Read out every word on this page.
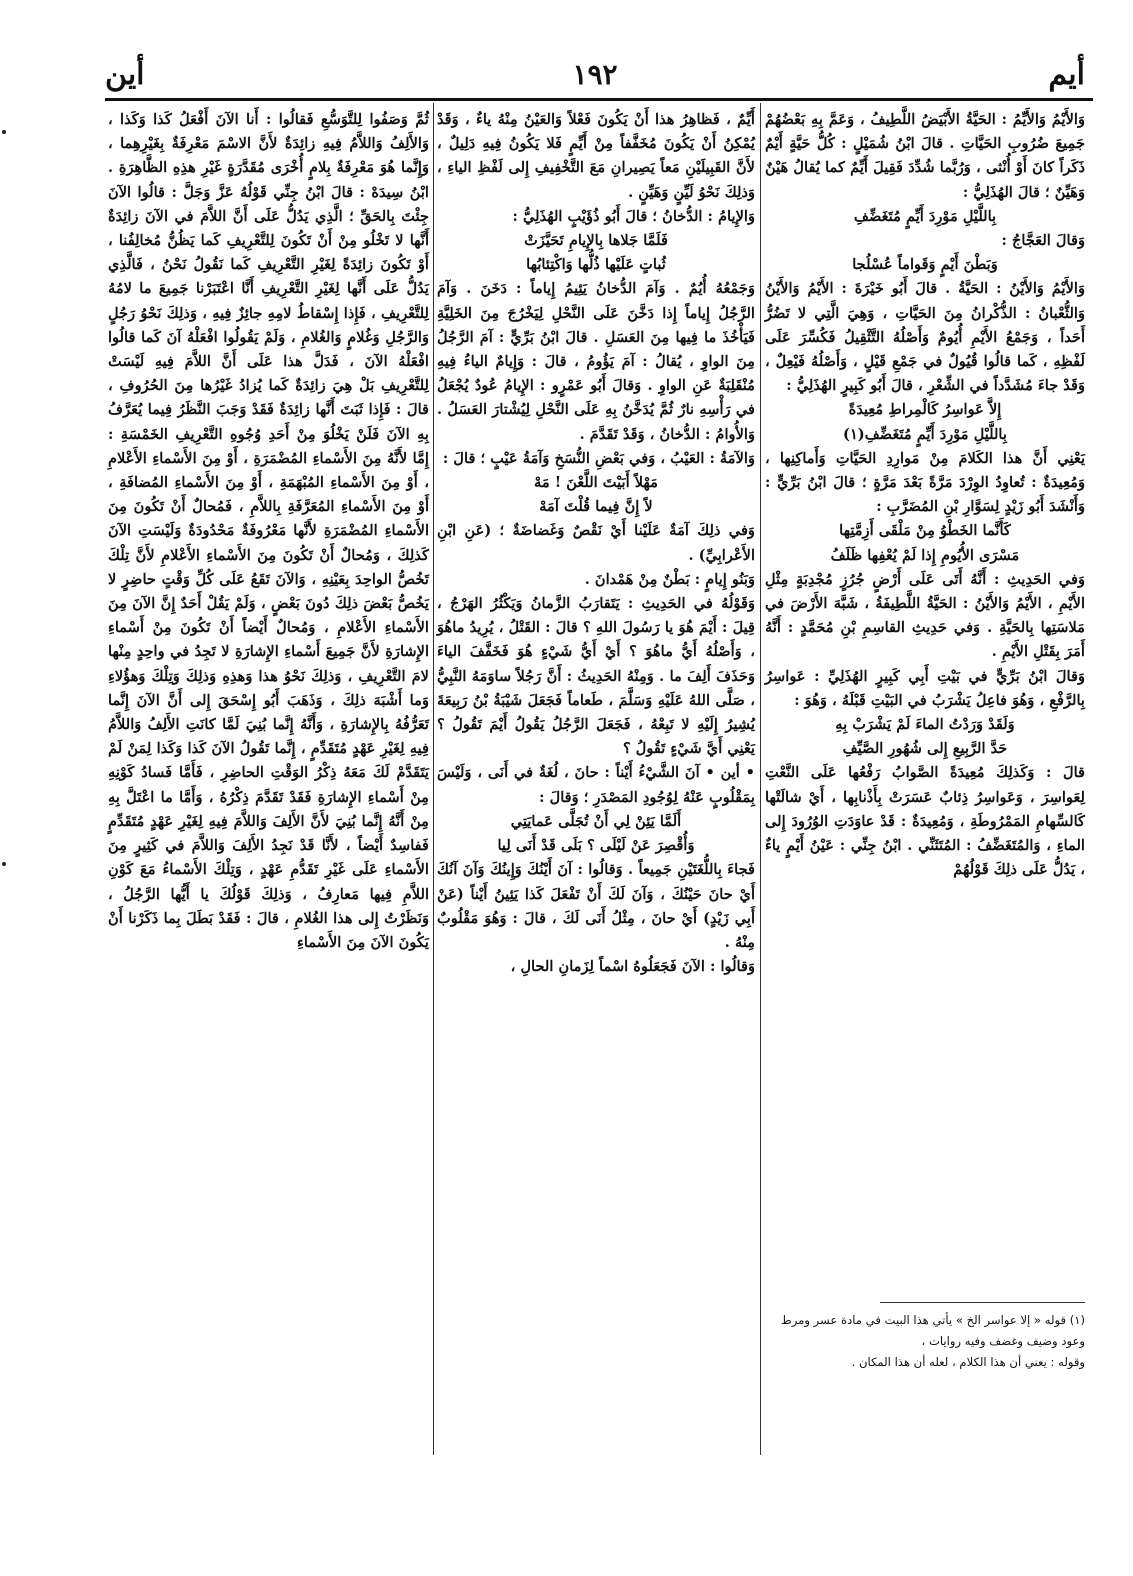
أيم
١٩٢
أين

وَالأَيْمُ وَالأَيِّمُ : الحَيَّةُ الأَبْيَضُ اللَّطِيفُ ، وَعَمَّ بِهِ بَعْضُهُمْ جَمِيعَ ضُرُوبِ الحَيَّاتِ . قالَ ابْنُ شُمَيْلٍ : كُلُّ حَيَّةٍ أَيْمٌ ذَكَراً كانَ أَوْ أُنْثى ، وَرُبَّما شُدِّدَ فَقِيلَ أَيِّمٌ كما يُقالُ هَيْنٌ وَهَيِّنٌ ؛ قالَ الهُذَلِيُّ :

بِاللَّيْلِ مَوْرِدَ أَيِّمٍ مُتَغَضِّفِ

وَقالَ العَجَّاجُ :

وَبَطْنَ أَيْمٍ وَقَواماً عُسْلُجا

وَالأَيْمُ وَالأَيْنُ : الحَيَّةُ . قالَ أَبُو خَيْرَةَ : الأَيْمُ وَالأَيْنُ وَالثُّعْبانُ : الذُّكْرانُ مِنَ الحَيَّاتِ ، وَهِيَ الَّتِي لا تَضُرُّ أَحَداً ، وَجَمْعُ الأَيْمِ أُيُومٌ وَأَصْلُهُ التَّثْقِيلُ فَكُسِّرَ عَلَى لَفْظِهِ ، كَما قالُوا قُيُولٌ في جَمْعِ قَيْلٍ ، وَأَصْلُهُ فَيْعِلٌ ، وَقَدْ جاءَ مُشَدَّداً في الشِّعْرِ ، قالَ أَبُو كَبِيرٍ الهُذَلِيُّ :

إِلاَّ عَواسِرُ كَالْمِراطِ مُعِيدَةً

بِاللَّيْلِ مَوْرِدَ أَيِّمٍ مُتَغَضِّفِ(١)

يَعْنِي أَنَّ هذا الكَلامَ مِنْ مَوارِدِ الحَيَّاتِ وَأَماكِنِها ، وَمُعِيدَةٌ : تُعاوِدُ الوِرْدَ مَرَّةً بَعْدَ مَرَّةٍ ؛ قالَ ابْنُ بَرِّيٍّ : وَأَنْشَدَ أَبُو زَيْدٍ لِسَوَّارِ بْنِ المُضَرَّبِ :

كَأَنَّما الخَطْوُ مِنْ مَلْقَى أَزِمَّتِها

مَسْرَى الأُيُومِ إِذا لَمْ يُعْفِها ظَلَفُ

وَفي الحَدِيثِ : أَنَّهُ أَتَى عَلَى أَرْضٍ جُرُزٍ مُجْدِبَةٍ مِثْلِ الأَيْمِ ، الأَيْمُ وَالأَيْنُ : الحَيَّةُ اللَّطِيفَةُ ، شَبَّهَ الأَرْضَ في مَلاسَتِها بِالحَيَّةِ . وَفي حَدِيثِ القاسِمِ بْنِ مُحَمَّدٍ : أَنَّهُ أَمَرَ بِقَتْلِ الأَيْمِ .

وَقالَ ابْنُ بَرِّيٍّ في بَيْتِ أَبِي كَبِيرٍ الهُذَلِيِّ : عَواسِرُ بِالرَّفْعِ ، وَهُوَ فاعِلُ يَشْرَبُ في البَيْتِ قَبْلَهُ ، وَهُوَ :

وَلَقَدْ وَرَدْتُ الماءَ لَمْ يَشْرَبْ بِهِ

حَدَّ الرَّبِيعِ إِلى شُهُورِ الصَّيِّفِ

قالَ : وَكَذلِكَ مُعِيدَةً الصَّوابُ رَفْعُها عَلَى النَّعْتِ لِعَواسِرَ ، وَعَواسِرُ ذِئابٌ عَسَرَتْ بِأَذْنابِها ، أَيْ شالَتْها كَالسِّهامِ المَمْرُوطَةِ ، وَمُعِيدَةٌ : قَدْ عاوَدَتِ الوُرُودَ إِلى الماءِ ، وَالمُتَغَضِّفُ : المُتَثَنِّي . ابْنُ جِنِّي : عَيْنُ أَيْمٍ ياءٌ ، يَدُلُّ عَلَى ذلِكَ قَوْلُهُمْ

أَيِّمٌ ، فَظاهِرُ هذا أَنْ يَكُونَ فَعْلاً وَالعَيْنُ مِنْهُ ياءٌ ، وَقَدْ يُمْكِنُ أَنْ يَكُونَ مُخَفَّفاً مِنْ أَيِّمٍ فَلا يَكُونُ فِيهِ دَلِيلٌ ، لأَنَّ القَبِيلَيْنِ مَعاً يَصِيرانِ مَعَ التَّخْفِيفِ إِلى لَفْظِ الياءِ ، وَذلِكَ نَحْوُ لَيِّنٍ وَهَيِّنٍ .

وَالإِيامُ : الدُّخانُ ؛ قالَ أَبُو ذُؤَيْبٍ الهُذَلِيُّ :

فَلَمَّا جَلاها بِالإِيامِ تَحَيَّزَتْ

ثُباتٍ عَلَيْها ذُلُّها وَاكْتِئابُها

وَجَمْعُهُ أُيُمٌ . وَآمَ الدُّخانُ يَئِيمُ إِياماً : دَخَنَ . وَآمَ الرَّجُلُ إِياماً إِذا دَخَّنَ عَلَى النَّحْلِ لِيَخْرُجَ مِنَ الخَلِيَّةِ فَيَأْخُذَ ما فِيها مِنَ العَسَلِ . قالَ ابْنُ بَرِّيٍّ : آمَ الرَّجُلُ مِنَ الواوِ ، يُقالُ : آمَ يَؤُومُ ، قالَ : وَإِيامٌ الياءُ فِيهِ مُنْقَلِبَةٌ عَنِ الواوِ . وَقالَ أَبُو عَمْرٍو : الإِيامُ عُودٌ يُجْعَلُ في رَأْسِهِ نارٌ ثُمَّ يُدَخَّنُ بِهِ عَلَى النَّحْلِ لِيُشْتارَ العَسَلُ . وَالأُوامُ : الدُّخانُ ، وَقَدْ تَقَدَّمَ .

وَالآمَةُ : العَيْبُ ، وَفي بَعْضِ النُّسَخِ وَآمَةُ عَيْبٍ ؛ قالَ :

مَهْلاً أَبَيْتَ اللَّعْنَ ! مَهْ

لاً إِنَّ فِيما قُلْتَ آمَهْ

وَفي ذلِكَ آمَةٌ عَلَيْنا أَيْ نَقْصٌ وَغَضاضَةٌ ؛ (عَنِ ابْنِ الأَعْرابِيِّ) .

وَبَنُو إِيامٍ : بَطْنٌ مِنْ هَمْدانَ .

وَقَوْلُهُ في الحَدِيثِ : يَتَقارَبُ الزَّمانُ وَيَكْثُرُ الهَرْجُ ، قِيلَ : أَيْمَ هُوَ يا رَسُولَ اللهِ ؟ قالَ : القَتْلُ ، يُرِيدُ ماهُوَ ، وَأَصْلُهُ أَيُّ ماهُوَ ؟ أَيْ أَيُّ شَيْءٍ هُوَ فَخَفَّفَ الياءَ وَحَذَفَ أَلِفَ ما . وَمِنْهُ الحَدِيثُ : أَنَّ رَجُلاً ساوَمَهُ النَّبِيُّ ، صَلَّى اللهُ عَلَيْهِ وَسَلَّمَ ، طَعاماً فَجَعَلَ شَيْبَةُ بْنُ رَبِيعَةَ يُشِيرُ إِلَيْهِ لا تَبِعْهُ ، فَجَعَلَ الرَّجُلُ يَقُولُ أَيْمَ تَقُولُ ؟ يَعْنِي أَيَّ شَيْءٍ تَقُولُ ؟

• أين • آنَ الشَّيْءُ أَيْناً : حانَ ، لُغَةٌ في أَنَى ، وَلَيْسَ بِمَقْلُوبٍ عَنْهُ لِوُجُودِ المَصْدَرِ ؛ وَقالَ :

أَلَمَّا يَئِنْ لِي أَنْ تُجَلَّى عَمايَتِي

وَأُقْصِرَ عَنْ لَيْلَى ؟ بَلَى قَدْ أَنَى لِيا

فَجاءَ بِاللُّغَتَيْنِ جَمِيعاً . وَقالُوا : آنَ أَيْنُكَ وَإِينُكَ وَآنَ آنُكَ أَيْ حانَ حَيْنُكَ ، وَآنَ لَكَ أَنْ تَفْعَلَ كَذا يَئِينُ أَيْناً (عَنْ أَبِي زَيْدٍ) أَيْ حانَ ، مِثْلُ أَنَى لَكَ ، قالَ : وَهُوَ مَقْلُوبٌ مِنْهُ .

وَقالُوا : الآنَ فَجَعَلُوهُ اسْماً لِزَمانِ الحالِ ،

ثُمَّ وَصَفُوا لِلتَّوَسُّعِ فَقالُوا : أَنا الآنَ أَفْعَلُ كَذا وَكَذا ، وَالأَلِفُ وَاللاَّمُ فِيهِ زائِدَةٌ لأَنَّ الاسْمَ مَعْرِفَةٌ بِغَيْرِهِما ، وَإِنَّما هُوَ مَعْرِفَةٌ بِلامٍ أُخْرَى مُقَدَّرَةٍ غَيْرِ هذِهِ الظَّاهِرَةِ . ابْنُ سِيدَهْ : قالَ ابْنُ جِنِّي قَوْلُهُ عَزَّ وَجَلَّ : قالُوا الآنَ جِئْتَ بِالحَقِّ ؛ الَّذِي يَدُلُّ عَلَى أَنَّ اللاَّمَ في الآنَ زائِدَةٌ أَنَّها لا تَخْلُو مِنْ أَنْ تَكُونَ لِلتَّعْرِيفِ كَما يَظُنُّ مُخالِفُنا ، أَوْ تَكُونَ زائِدَةً لِغَيْرِ التَّعْرِيفِ كَما نَقُولُ نَحْنُ ، فَالَّذِي يَدُلُّ عَلَى أَنَّها لِغَيْرِ التَّعْرِيفِ أَنَّا اعْتَبَرْنا جَمِيعَ ما لامُهُ لِلتَّعْرِيفِ ، فَإِذا إِسْقاطُ لامِهِ جائِزٌ فِيهِ ، وَذلِكَ نَحْوُ رَجُلٍ وَالرَّجُلِ وَغُلامٍ وَالغُلامِ ، وَلَمْ يَقُولُوا افْعَلْهُ آنَ كَما قالُوا افْعَلْهُ الآنَ ، فَدَلَّ هذا عَلَى أَنَّ اللاَّمَ فِيهِ لَيْسَتْ لِلتَّعْرِيفِ بَلْ هِيَ زائِدَةٌ كَما يُزادُ غَيْرُها مِنَ الحُرُوفِ ، قالَ : فَإِذا ثَبَتَ أَنَّها زائِدَةٌ فَقَدْ وَجَبَ النَّظَرُ فِيما يُعَرَّفُ بِهِ الآنَ فَلَنْ يَخْلُوَ مِنْ أَحَدِ وُجُوهِ التَّعْرِيفِ الخَمْسَةِ : إِمَّا لأَنَّهُ مِنَ الأَسْماءِ المُضْمَرَةِ ، أَوْ مِنَ الأَسْماءِ الأَعْلامِ ، أَوْ مِنَ الأَسْماءِ المُبْهَمَةِ ، أَوْ مِنَ الأَسْماءِ المُضافَةِ ، أَوْ مِنَ الأَسْماءِ المُعَرَّفَةِ بِاللاَّمِ ، فَمُحالٌ أَنْ تَكُونَ مِنَ الأَسْماءِ المُضْمَرَةِ لأَنَّها مَعْرُوفَةٌ مَحْدُودَةٌ وَلَيْسَتِ الآنَ كَذلِكَ ، وَمُحالٌ أَنْ تَكُونَ مِنَ الأَسْماءِ الأَعْلامِ لأَنَّ تِلْكَ تَخُصُّ الواحِدَ بِعَيْنِهِ ، وَالآنَ تَقَعُ عَلَى كُلِّ وَقْتٍ حاضِرٍ لا يَخُصُّ بَعْضَ ذلِكَ دُونَ بَعْضٍ ، وَلَمْ يَقُلْ أَحَدٌ إِنَّ الآنَ مِنَ الأَسْماءِ الأَعْلامِ ، وَمُحالٌ أَيْضاً أَنْ تَكُونَ مِنْ أَسْماءِ الإِشارَةِ لأَنَّ جَمِيعَ أَسْماءِ الإِشارَةِ لا تَجِدُ في واحِدٍ مِنْها لامَ التَّعْرِيفِ ، وَذلِكَ نَحْوُ هذا وَهذِهِ وَذلِكَ وَتِلْكَ وَهؤُلاءِ وَما أَشْبَهَ ذلِكَ ، وَذَهَبَ أَبُو إِسْحَقَ إِلى أَنَّ الآنَ إِنَّما تَعَرُّفُهُ بِالإِشارَةِ ، وَأَنَّهُ إِنَّما بُنِيَ لَمَّا كانَتِ الأَلِفُ وَاللاَّمُ فِيهِ لِغَيْرِ عَهْدٍ مُتَقَدِّمٍ ، إِنَّما تَقُولُ الآنَ كَذا وَكَذا لِمَنْ لَمْ يَتَقَدَّمْ لَكَ مَعَهُ ذِكْرُ الوَقْتِ الحاضِرِ ، فَأَمَّا فَسادُ كَوْنِهِ مِنْ أَسْماءِ الإِشارَةِ فَقَدْ تَقَدَّمَ ذِكْرُهُ ، وَأَمَّا ما اعْتَلَّ بِهِ مِنْ أَنَّهُ إِنَّما بُنِيَ لأَنَّ الأَلِفَ وَاللاَّمَ فِيهِ لِغَيْرِ عَهْدٍ مُتَقَدِّمٍ فَفاسِدٌ أَيْضاً ، لأَنَّا قَدْ نَجِدُ الأَلِفَ وَاللاَّمَ في كَثِيرٍ مِنَ الأَسْماءِ عَلَى غَيْرِ تَقَدُّمِ عَهْدٍ ، وَتِلْكَ الأَسْماءُ مَعَ كَوْنِ اللاَّمِ فِيها مَعارِفُ ، وَذلِكَ قَوْلُكَ يا أَيُّها الرَّجُلُ ، وَنَظَرْتُ إِلى هذا الغُلامِ ، قالَ : فَقَدْ بَطَلَ بِما ذَكَرْنا أَنْ يَكُونَ الآنَ مِنَ الأَسْماءِ

(١) قوله « إلا عواسر الخ » يأتي هذا البيت في مادة عسر ومرط وعود وضيف وغضف وفيه روايات ،

وقوله : يعني أن هذا الكلام ، لعله أن هذا المكان .
